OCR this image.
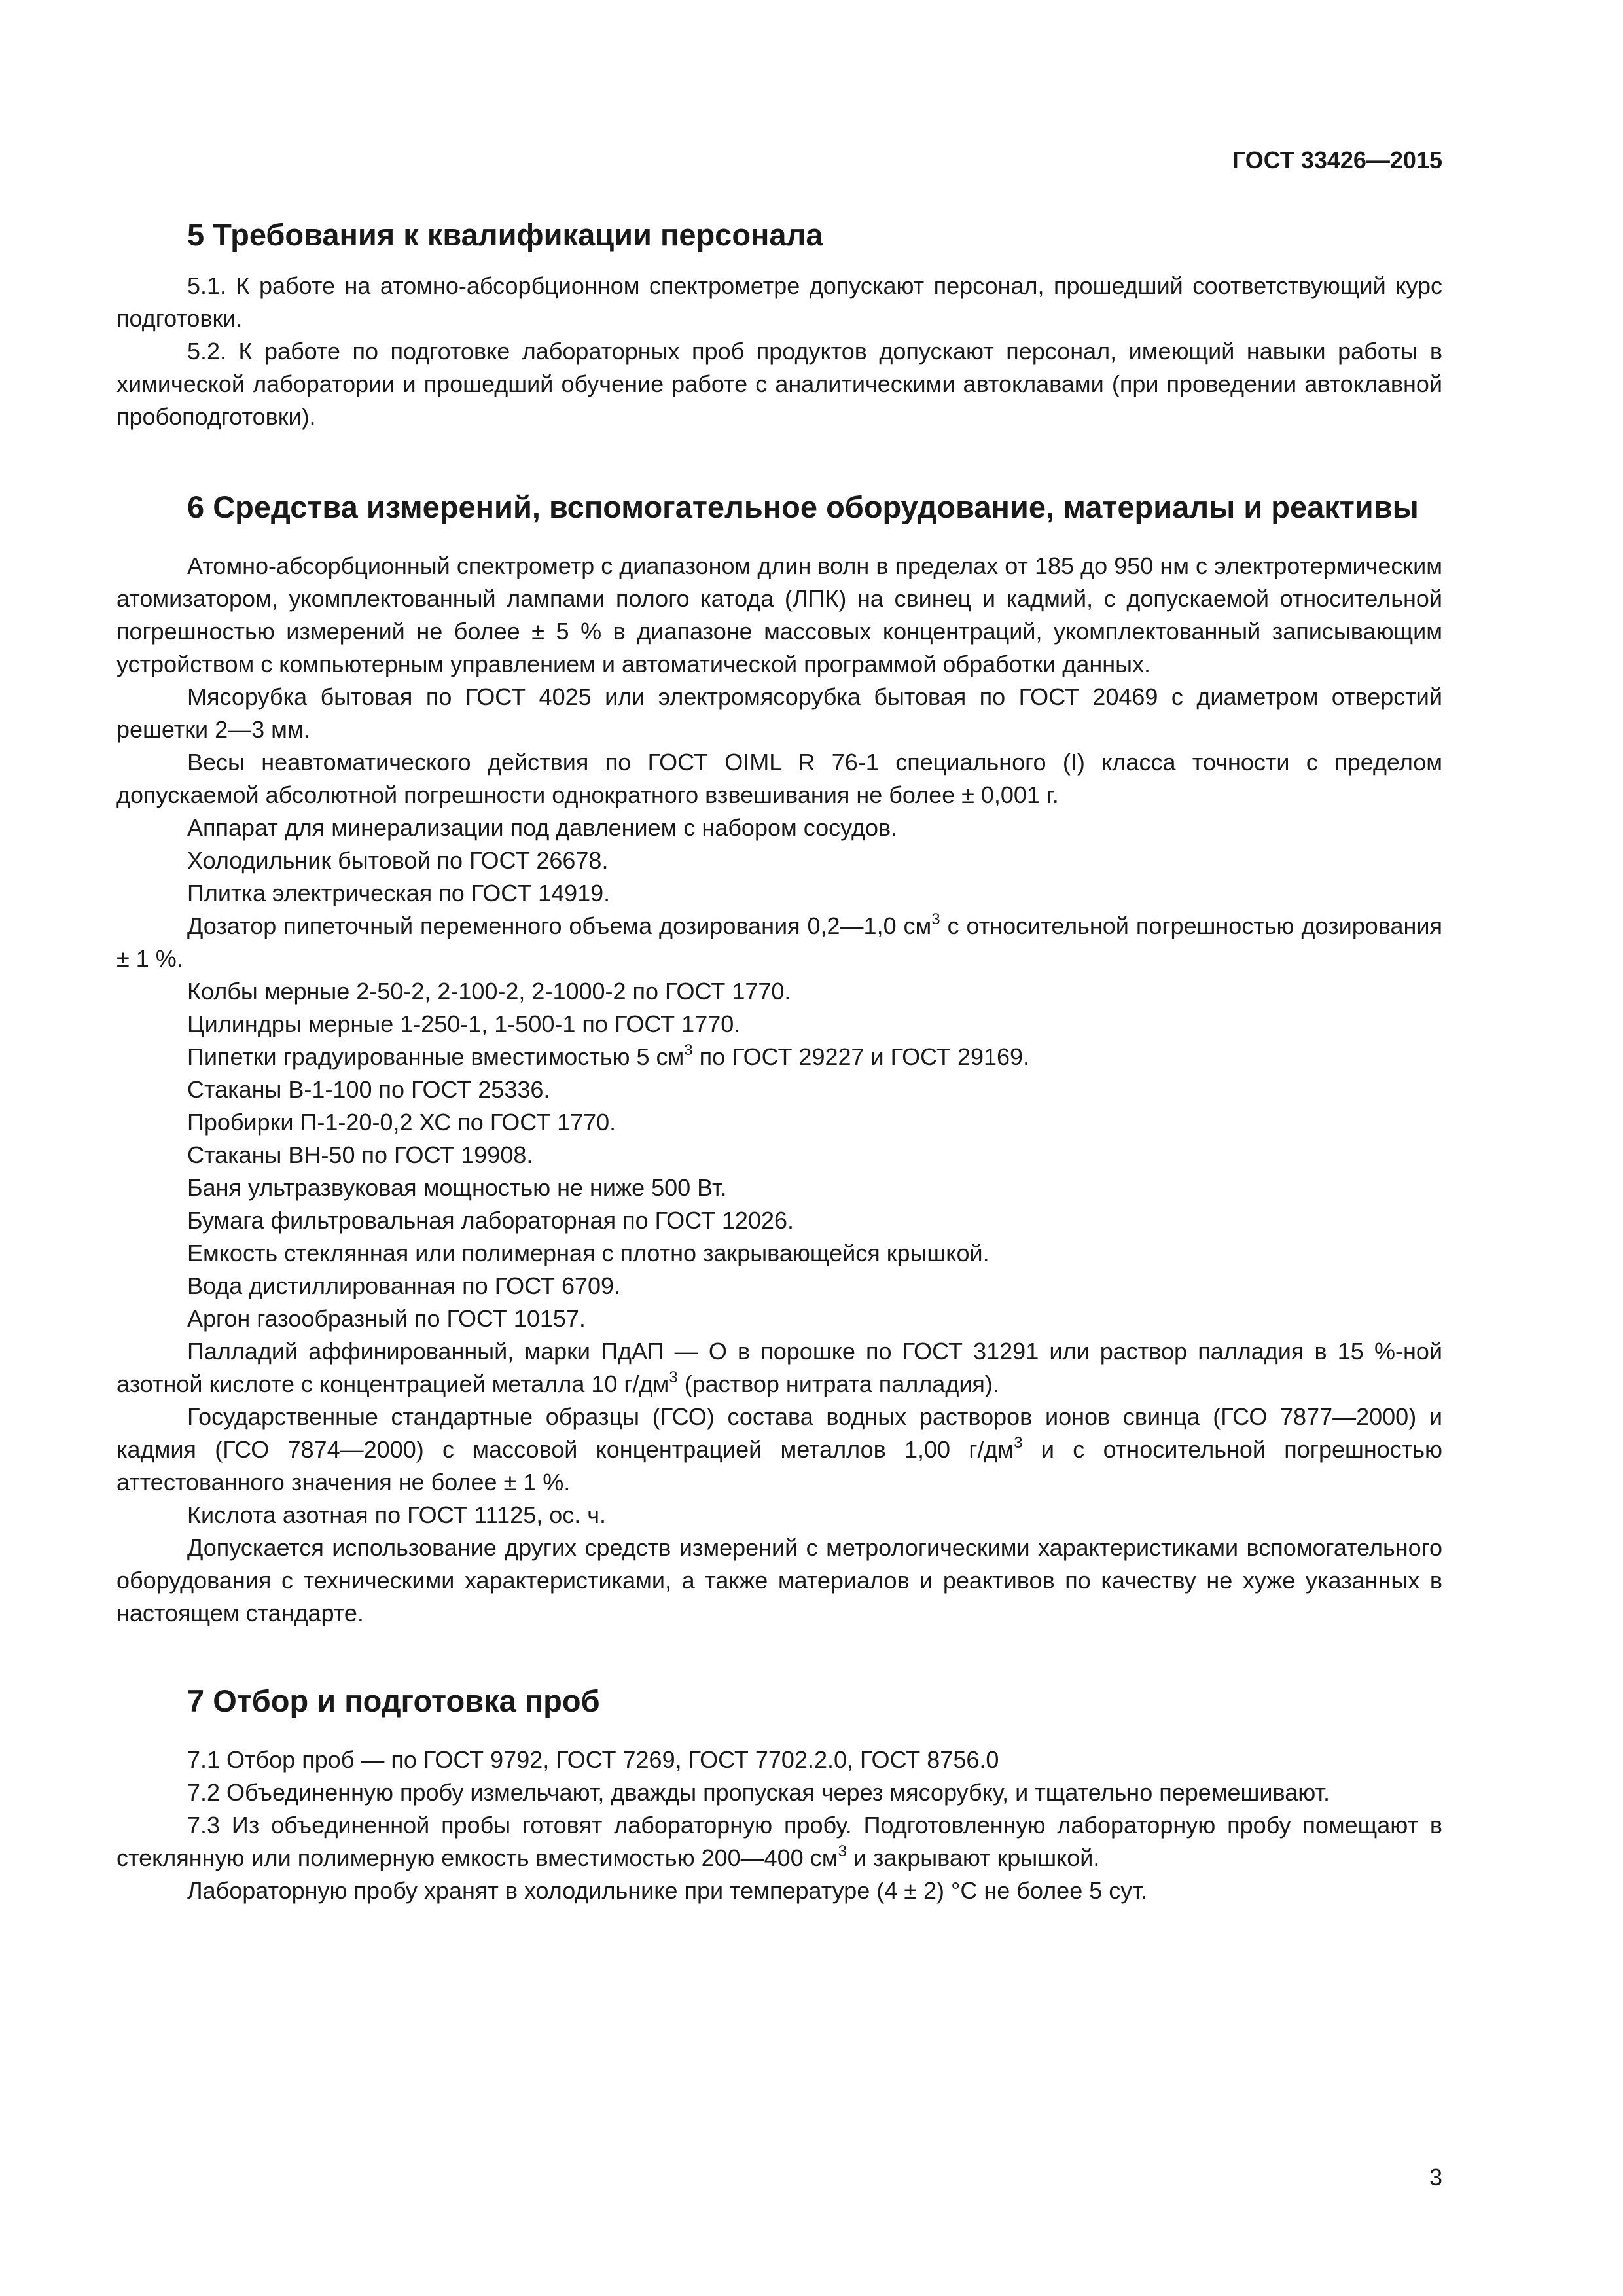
ГОСТ 33426—2015
5 Требования к квалификации персонала

5.1. К работе на атомно-абсорбционном спектрометре допускают персонал, прошедший соответствующий курс подготовки.

5.2. К работе по подготовке лабораторных проб продуктов допускают персонал, имеющий навыки работы в химической лаборатории и прошедший обучение работе с аналитическими автоклавами (при проведении автоклавной пробоподготовки).

6 Средства измерений, вспомогательное оборудование, материалы и реактивы

Атомно-абсорбционный спектрометр с диапазоном длин волн в пределах от 185 до 950 нм с электротермическим атомизатором, укомплектованный лампами полого катода (ЛПК) на свинец и кадмий, с допускаемой относительной погрешностью измерений не более ± 5 % в диапазоне массовых концентраций, укомплектованный записывающим устройством с компьютерным управлением и автоматической программой обработки данных.

Мясорубка бытовая по ГОСТ 4025 или электромясорубка бытовая по ГОСТ 20469 с диаметром отверстий решетки 2—3 мм.

Весы неавтоматического действия по ГОСТ OIML R 76-1 специального (I) класса точности с пределом допускаемой абсолютной погрешности однократного взвешивания не более ± 0,001 г.

Аппарат для минерализации под давлением с набором сосудов.

Холодильник бытовой по ГОСТ 26678.

Плитка электрическая по ГОСТ 14919.

Дозатор пипеточный переменного объема дозирования 0,2—1,0 $см^3$ с относительной погрешностью дозирования ± 1 %.

Колбы мерные 2-50-2, 2-100-2, 2-1000-2 по ГОСТ 1770.

Цилиндры мерные 1-250-1, 1-500-1 по ГОСТ 1770.

Пипетки градуированные вместимостью 5 $см^3$ по ГОСТ 29227 и ГОСТ 29169.

Стаканы В-1-100 по ГОСТ 25336.

Пробирки П-1-20-0,2 ХС по ГОСТ 1770.

Стаканы ВН-50 по ГОСТ 19908.

Баня ультразвуковая мощностью не ниже 500 Вт.

Бумага фильтровальная лабораторная по ГОСТ 12026.

Емкость стеклянная или полимерная с плотно закрывающейся крышкой.

Вода дистиллированная по ГОСТ 6709.

Аргон газообразный по ГОСТ 10157.

Палладий аффинированный, марки ПдАП — О в порошке по ГОСТ 31291 или раствор палладия в 15 %-ной азотной кислоте с концентрацией металла 10 $г/дм^3$ (раствор нитрата палладия).

Государственные стандартные образцы (ГСО) состава водных растворов ионов свинца (ГСО 7877—2000) и кадмия (ГСО 7874—2000) с массовой концентрацией металлов 1,00 $г/дм^3$ и с относительной погрешностью аттестованного значения не более ± 1 %.

Кислота азотная по ГОСТ 11125, ос. ч.

Допускается использование других средств измерений с метрологическими характеристиками вспомогательного оборудования с техническими характеристиками, а также материалов и реактивов по качеству не хуже указанных в настоящем стандарте.

7 Отбор и подготовка проб

7.1 Отбор проб — по ГОСТ 9792, ГОСТ 7269, ГОСТ 7702.2.0, ГОСТ 8756.0

7.2 Объединенную пробу измельчают, дважды пропуская через мясорубку, и тщательно перемешивают.

7.3 Из объединенной пробы готовят лабораторную пробу. Подготовленную лабораторную пробу помещают в стеклянную или полимерную емкость вместимостью 200—400 $см^3$ и закрывают крышкой.

Лабораторную пробу хранят в холодильнике при температуре (4 ± 2) °С не более 5 сут.

3
